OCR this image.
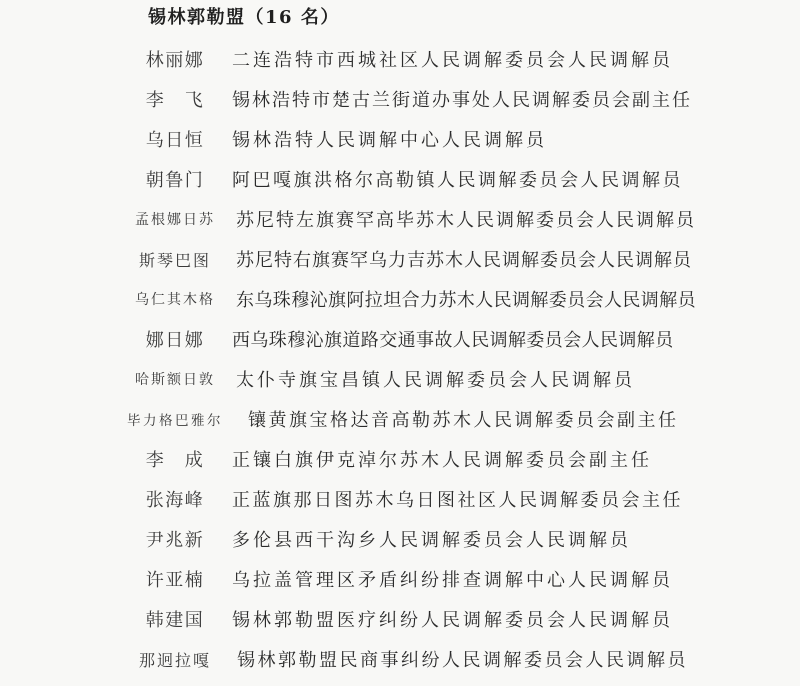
锡林郭勒盟（16 名）
林丽娜	二连浩特市西城社区人民调解委员会人民调解员
李　飞	锡林浩特市楚古兰街道办事处人民调解委员会副主任
乌日恒	锡林浩特人民调解中心人民调解员
朝鲁门	阿巴嘎旗洪格尔高勒镇人民调解委员会人民调解员
孟根娜日苏	苏尼特左旗赛罕高毕苏木人民调解委员会人民调解员
斯琴巴图	苏尼特右旗赛罕乌力吉苏木人民调解委员会人民调解员
乌仁其木格	东乌珠穆沁旗阿拉坦合力苏木人民调解委员会人民调解员
娜日娜	西乌珠穆沁旗道路交通事故人民调解委员会人民调解员
哈斯额日敦	太仆寺旗宝昌镇人民调解委员会人民调解员
毕力格巴雅尔 镶黄旗宝格达音高勒苏木人民调解委员会副主任
李　成	正镶白旗伊克淖尔苏木人民调解委员会副主任
张海峰	正蓝旗那日图苏木乌日图社区人民调解委员会主任
尹兆新	多伦县西干沟乡人民调解委员会人民调解员
许亚楠	乌拉盖管理区矛盾纠纷排查调解中心人民调解员
韩建国	锡林郭勒盟医疗纠纷人民调解委员会人民调解员
那迥拉嘎	锡林郭勒盟民商事纠纷人民调解委员会人民调解员
